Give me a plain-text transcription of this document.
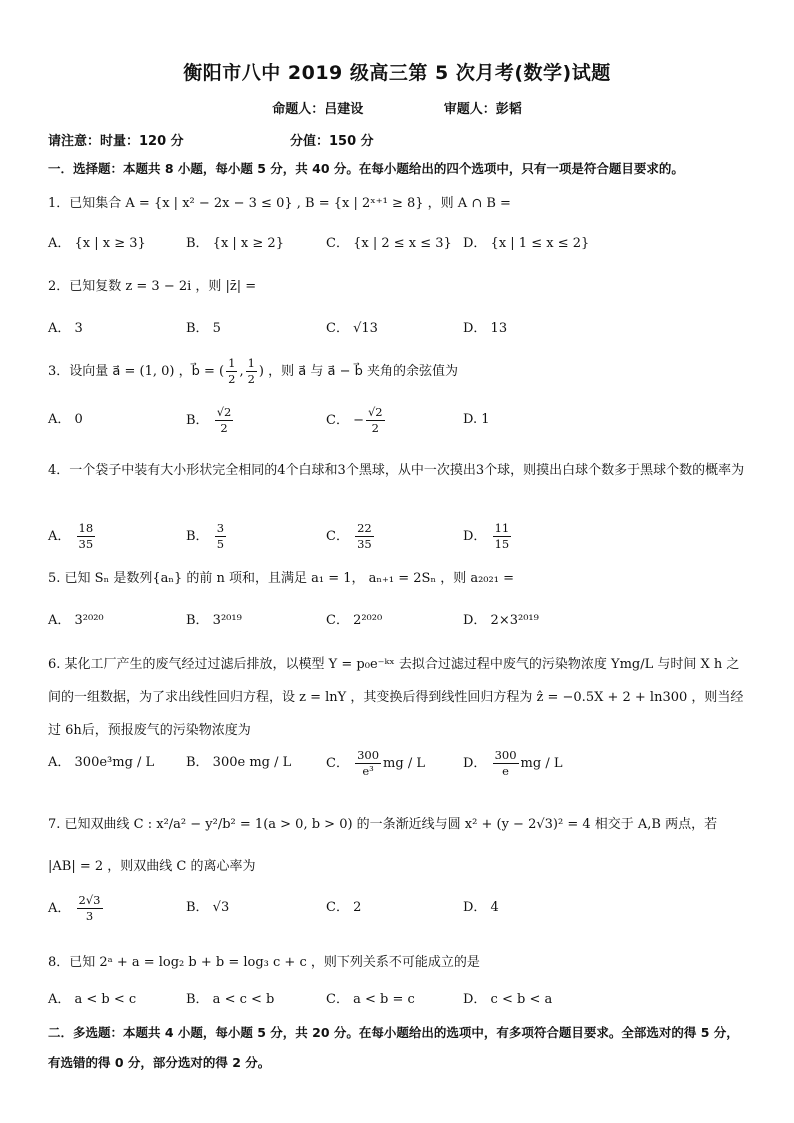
衡阳市八中 2019 级高三第 5 次月考(数学)试题
命题人：吕建设	审题人：彭韬
请注意：时量：120 分	分值：150 分
一．选择题：本题共 8 小题，每小题 5 分，共 40 分。在每小题给出的四个选项中，只有一项是符合题目要求的。
1．已知集合 A = {x | x² − 2x − 3 ≤ 0} , B = {x | 2ˣ⁺¹ ≥ 8} ，则 A ∩ B =
A． {x | x ≥ 3}	B． {x | x ≥ 2}	C． {x | 2 ≤ x ≤ 3} D． {x | 1 ≤ x ≤ 2}
2．已知复数 z = 3 − 2i ，则 |z̄| =
A． 3	B． 5	C． √13	D． 13
3．设向量 a⃗ = (1, 0) ，b⃗ = ( $\frac{1}{2}$ , $\frac{1}{2}$ ) ，则 a⃗ 与 a⃗ − b⃗ 夹角的余弦值为
A． 0	B． $\frac{√2}{2}$	C． − $\frac{√2}{2}$	D. 1
4．一个袋子中装有大小形状完全相同的4个白球和3个黑球，从中一次摸出3个球，则摸出白球个数多于黑球个数的概率为
A． $\frac{18}{35}$	B． $\frac{3}{5}$	C． $\frac{22}{35}$	D． $\frac{11}{15}$
5. 已知 Sₙ 是数列{aₙ} 的前 n 项和，且满足 a₁ = 1， aₙ₊₁ = 2Sₙ ，则 a₂₀₂₁ =
A． 3²⁰²⁰	B． 3²⁰¹⁹	C． 2²⁰²⁰	D． 2×3²⁰¹⁹
6. 某化工厂产生的废气经过过滤后排放，以模型 Y = p₀e⁻ᵏˣ 去拟合过滤过程中废气的污染物浓度 Ymg/L 与时间 X h 之间的一组数据，为了求出线性回归方程，设 z = lnY ，其变换后得到线性回归方程为 ẑ = −0.5X + 2 + ln300 ，则当经过 6h后，预报废气的污染物浓度为
A． 300e³mg / L B． 300e mg / L	C． $\frac{300}{\text{e³}}$ mg / L	D． $\frac{300}{e}$ mg / L
7. 已知双曲线 C : x²/a² − y²/b² = 1(a > 0, b > 0) 的一条渐近线与圆 x² + (y − 2√3)² = 4 相交于 A,B 两点，若 |AB| = 2 ，则双曲线 C 的离心率为
A． $\frac{2√3}{3}$	B． √3	C． 2	D． 4
8．已知 2ᵃ + a = log₂ b + b = log₃ c + c ，则下列关系不可能成立的是
A． a < b < c	B． a < c < b	C． a < b = c	D． c < b < a
二．多选题：本题共 4 小题，每小题 5 分，共 20 分。在每小题给出的选项中，有多项符合题目要求。全部选对的得 5 分，有选错的得 0 分，部分选对的得 2 分。
